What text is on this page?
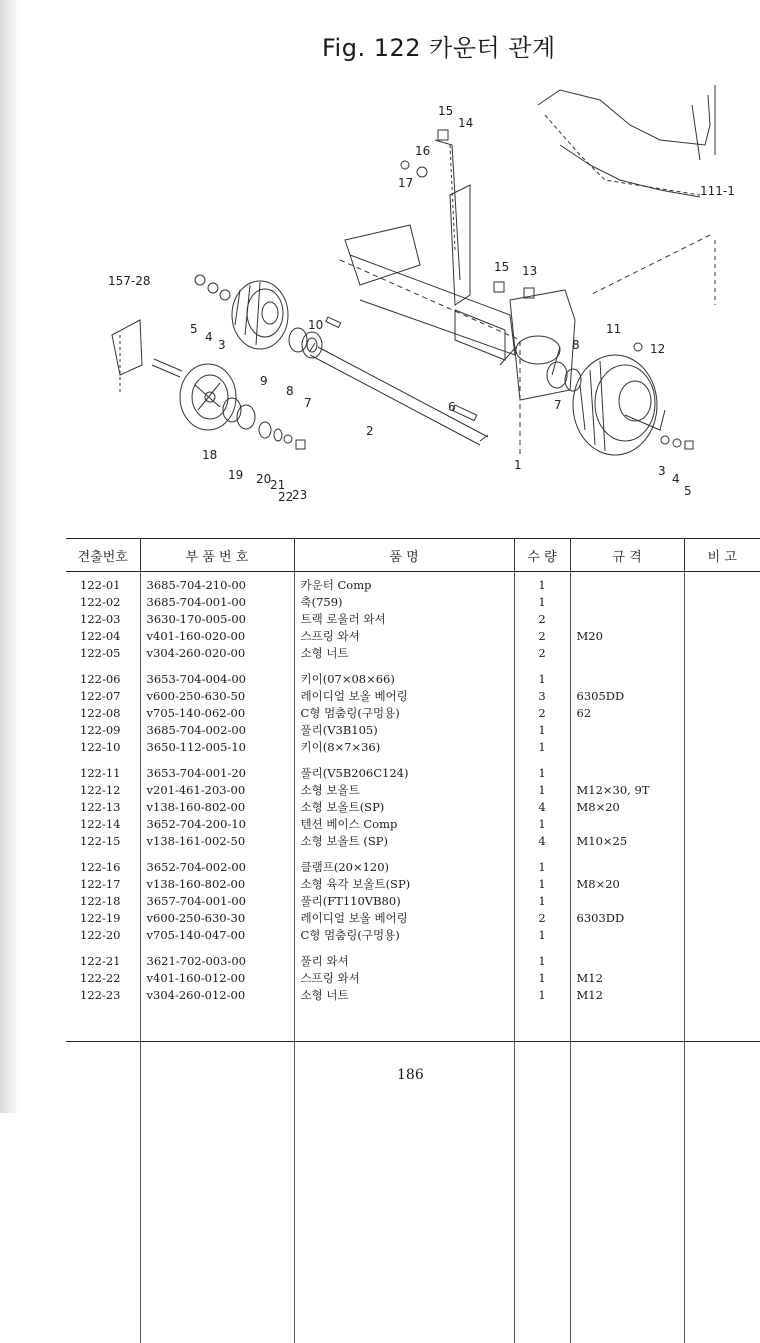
Fig. 122 카운터 관계
15
14
16
17
111-1
15 13
157-28
10
5
4
3
9
8
7
11
12
8
7
6
2
1
18
19 20
21
22
23
3
4
5
견출번호	부 품 번 호	품 명	수 량	규 격	비 고
122-01	3685-704-210-00	카운터 Comp	1		
122-02	3685-704-001-00	축(759)	1		
122-03	3630-170-005-00	트랙 로울러 와셔	2		
122-04	v401-160-020-00	스프링 와셔	2	M20	
122-05	v304-260-020-00	소형 너트	2		
122-06	3653-704-004-00	키이(07×08×66)	1		
122-07	v600-250-630-50	레이디얼 보올 베어링	3	6305DD	
122-08	v705-140-062-00	C형 멈춤링(구멍용)	2	62	
122-09	3685-704-002-00	풀리(V3B105)	1		
122-10	3650-112-005-10	키이(8×7×36)	1		
122-11	3653-704-001-20	풀리(V5B206C124)	1		
122-12	v201-461-203-00	소형 보올트	1	M12×30, 9T	
122-13	v138-160-802-00	소형 보올트(SP)	4	M8×20	
122-14	3652-704-200-10	텐션 베이스 Comp	1		
122-15	v138-161-002-50	소형 보올트 (SP)	4	M10×25	
122-16	3652-704-002-00	클램프(20×120)	1		
122-17	v138-160-802-00	소형 육각 보올트(SP)	1	M8×20	
122-18	3657-704-001-00	풀리(FT110VB80)	1		
122-19	v600-250-630-30	레이디얼 보올 베어링	2	6303DD	
122-20	v705-140-047-00	C형 멈춤링(구멍용)	1		
122-21	3621-702-003-00	풀리 와셔	1		
122-22	v401-160-012-00	스프링 와셔	1	M12	
122-23	v304-260-012-00	소형 너트	1	M12	

186
